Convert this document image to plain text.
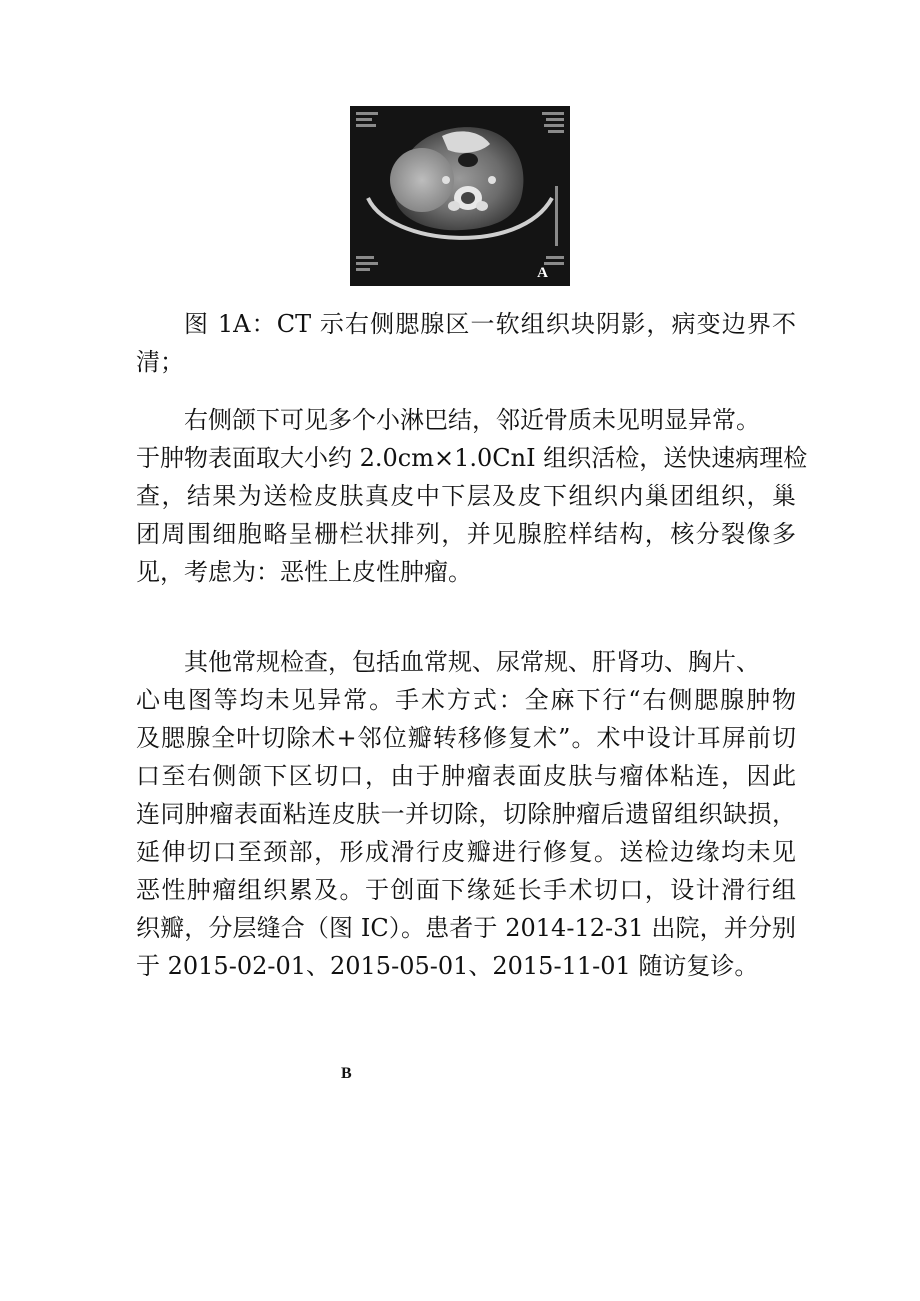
A

图 1A：CT 示右侧腮腺区一软组织块阴影，病变边界不
清；

右侧颌下可见多个小淋巴结，邻近骨质未见明显异常。
于肿物表面取大小约 2.0cm×1.0CnI 组织活检，送快速病理检
查，结果为送检皮肤真皮中下层及皮下组织内巢团组织，巢
团周围细胞略呈栅栏状排列，并见腺腔样结构，核分裂像多
见，考虑为：恶性上皮性肿瘤。

其他常规检查，包括血常规、尿常规、肝肾功、胸片、
心电图等均未见异常。手术方式：全麻下行“右侧腮腺肿物
及腮腺全叶切除术+邻位瓣转移修复术”。术中设计耳屏前切
口至右侧颌下区切口，由于肿瘤表面皮肤与瘤体粘连，因此
连同肿瘤表面粘连皮肤一并切除，切除肿瘤后遗留组织缺损，
延伸切口至颈部，形成滑行皮瓣进行修复。送检边缘均未见
恶性肿瘤组织累及。于创面下缘延长手术切口，设计滑行组
织瓣，分层缝合（图 IC）。患者于 2014-12-31 出院，并分别
于 2015-02-01、2015-05-01、2015-11-01 随访复诊。

B
